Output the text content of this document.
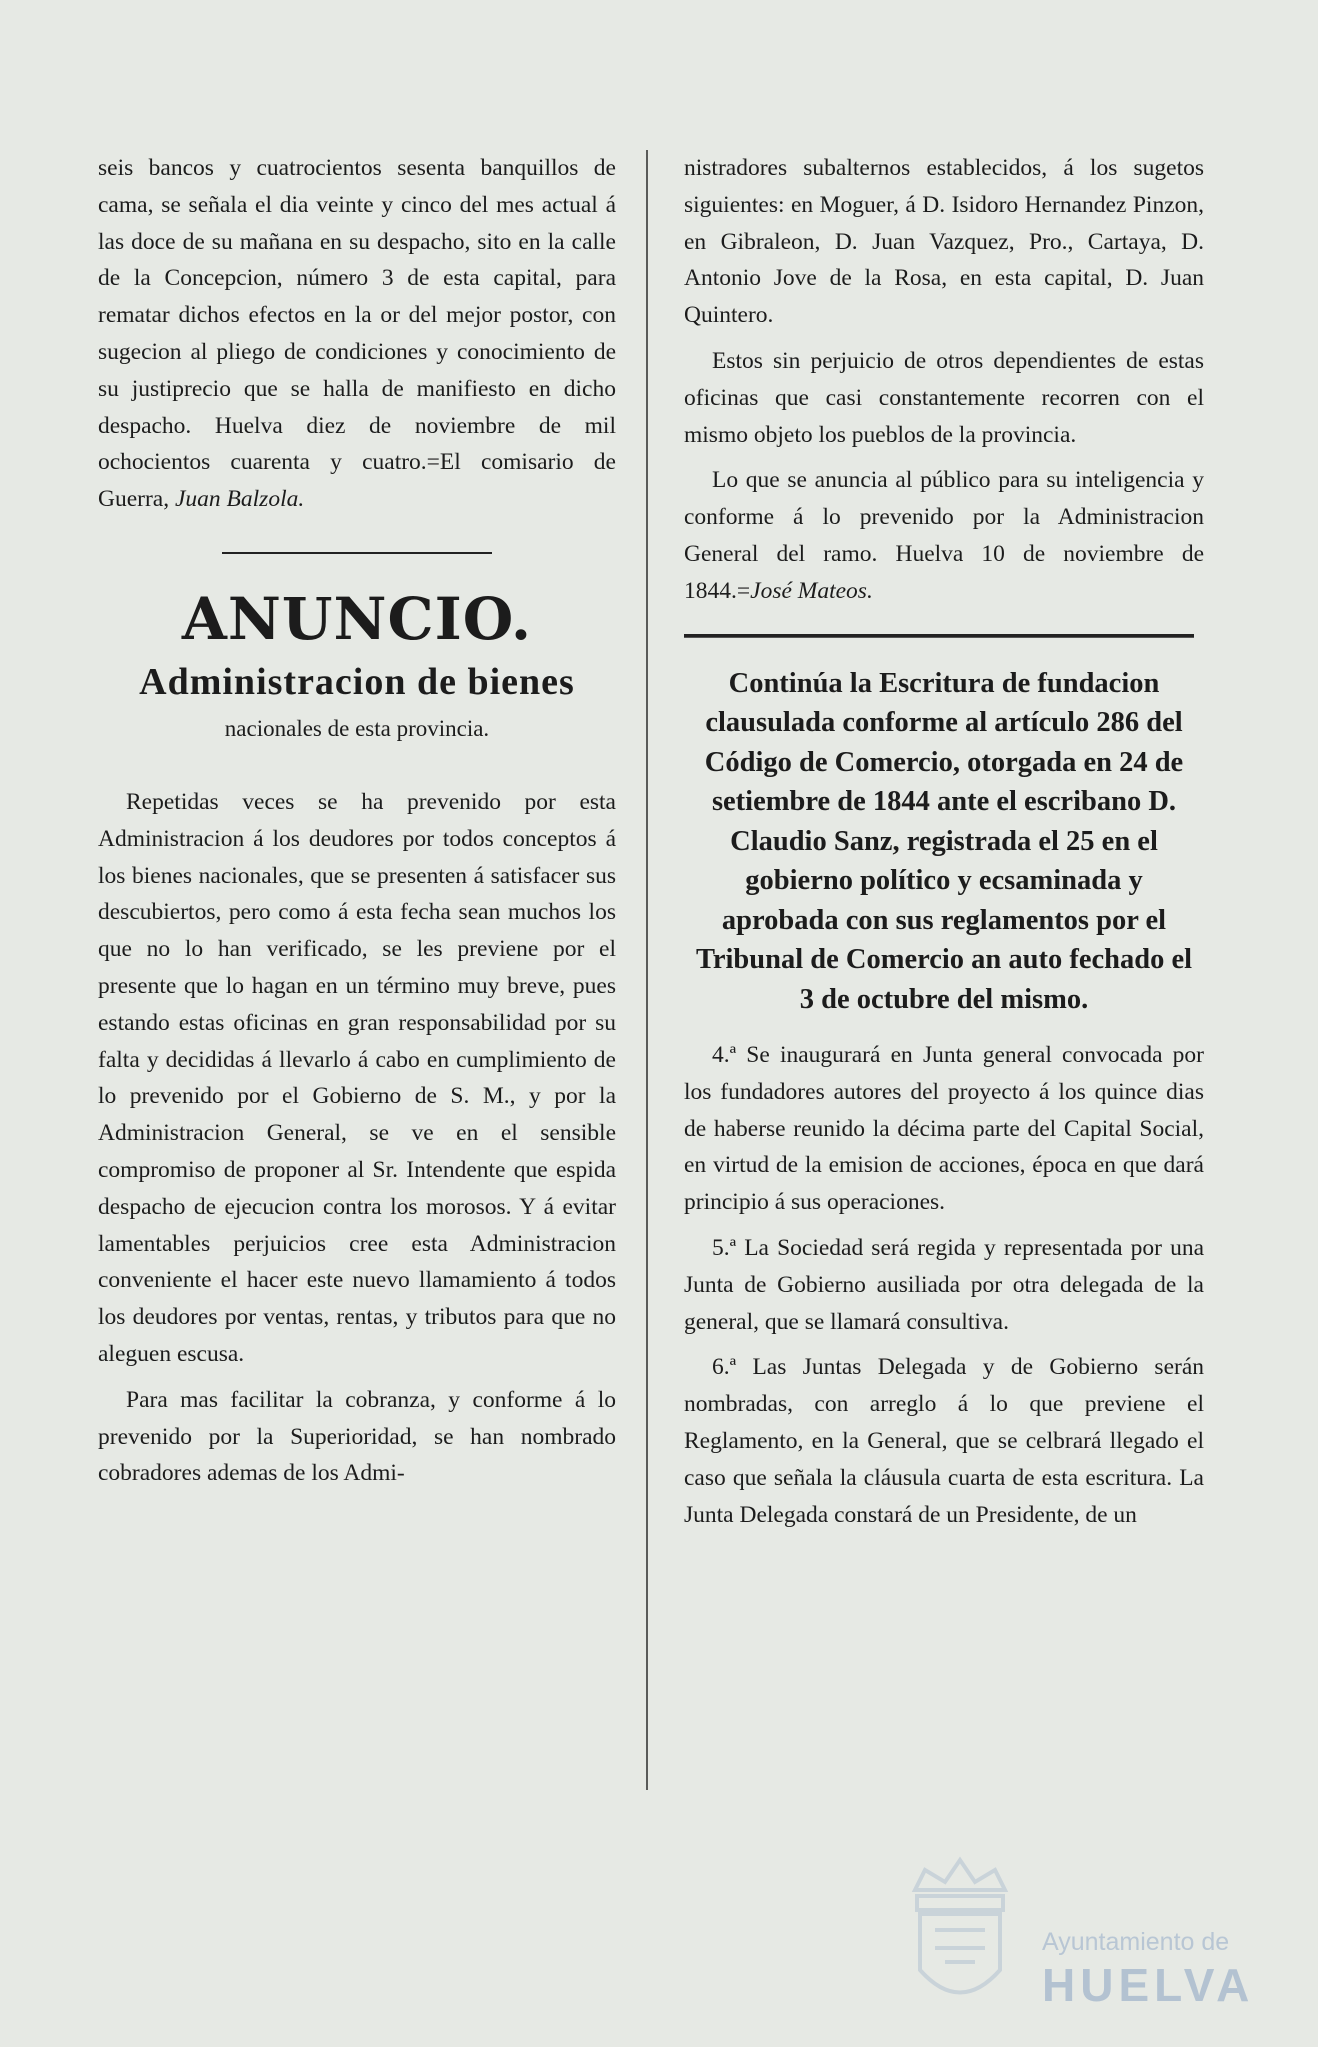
seis bancos y cuatrocientos sesenta banquillos de cama, se señala el dia veinte y cinco del mes actual á las doce de su mañana en su despacho, sito en la calle de la Concepcion, número 3 de esta capital, para rematar dichos efectos en la or del mejor postor, con sugecion al pliego de condiciones y conocimiento de su justiprecio que se halla de manifiesto en dicho despacho. Huelva diez de noviembre de mil ochocientos cuarenta y cuatro.=El comisario de Guerra, Juan Balzola.

ANUNCIO.
Administracion de bienes
nacionales de esta provincia.

Repetidas veces se ha prevenido por esta Administracion á los deudores por todos conceptos á los bienes nacionales, que se presenten á satisfacer sus descubiertos, pero como á esta fecha sean muchos los que no lo han verificado, se les previene por el presente que lo hagan en un término muy breve, pues estando estas oficinas en gran responsabilidad por su falta y decididas á llevarlo á cabo en cumplimiento de lo prevenido por el Gobierno de S. M., y por la Administracion General, se ve en el sensible compromiso de proponer al Sr. Intendente que espida despacho de ejecucion contra los morosos. Y á evitar lamentables perjuicios cree esta Administracion conveniente el hacer este nuevo llamamiento á todos los deudores por ventas, rentas, y tributos para que no aleguen escusa.

Para mas facilitar la cobranza, y conforme á lo prevenido por la Superioridad, se han nombrado cobradores ademas de los Admi-

nistradores subalternos establecidos, á los sugetos siguientes: en Moguer, á D. Isidoro Hernandez Pinzon, en Gibraleon, D. Juan Vazquez, Pro., Cartaya, D. Antonio Jove de la Rosa, en esta capital, D. Juan Quintero.

Estos sin perjuicio de otros dependientes de estas oficinas que casi constantemente recorren con el mismo objeto los pueblos de la provincia.

Lo que se anuncia al público para su inteligencia y conforme á lo prevenido por la Administracion General del ramo. Huelva 10 de noviembre de 1844.=José Mateos.

Continúa la Escritura de fundacion clausulada conforme al artículo 286 del Código de Comercio, otorgada en 24 de setiembre de 1844 ante el escribano D. Claudio Sanz, registrada el 25 en el gobierno político y ecsaminada y aprobada con sus reglamentos por el Tribunal de Comercio an auto fechado el 3 de octubre del mismo.

4.ª Se inaugurará en Junta general convocada por los fundadores autores del proyecto á los quince dias de haberse reunido la décima parte del Capital Social, en virtud de la emision de acciones, época en que dará principio á sus operaciones.

5.ª La Sociedad será regida y representada por una Junta de Gobierno ausiliada por otra delegada de la general, que se llamará consultiva.

6.ª Las Juntas Delegada y de Gobierno serán nombradas, con arreglo á lo que previene el Reglamento, en la General, que se celbrará llegado el caso que señala la cláusula cuarta de esta escritura. La Junta Delegada constará de un Presidente, de un

Ayuntamiento de
HUELVA
